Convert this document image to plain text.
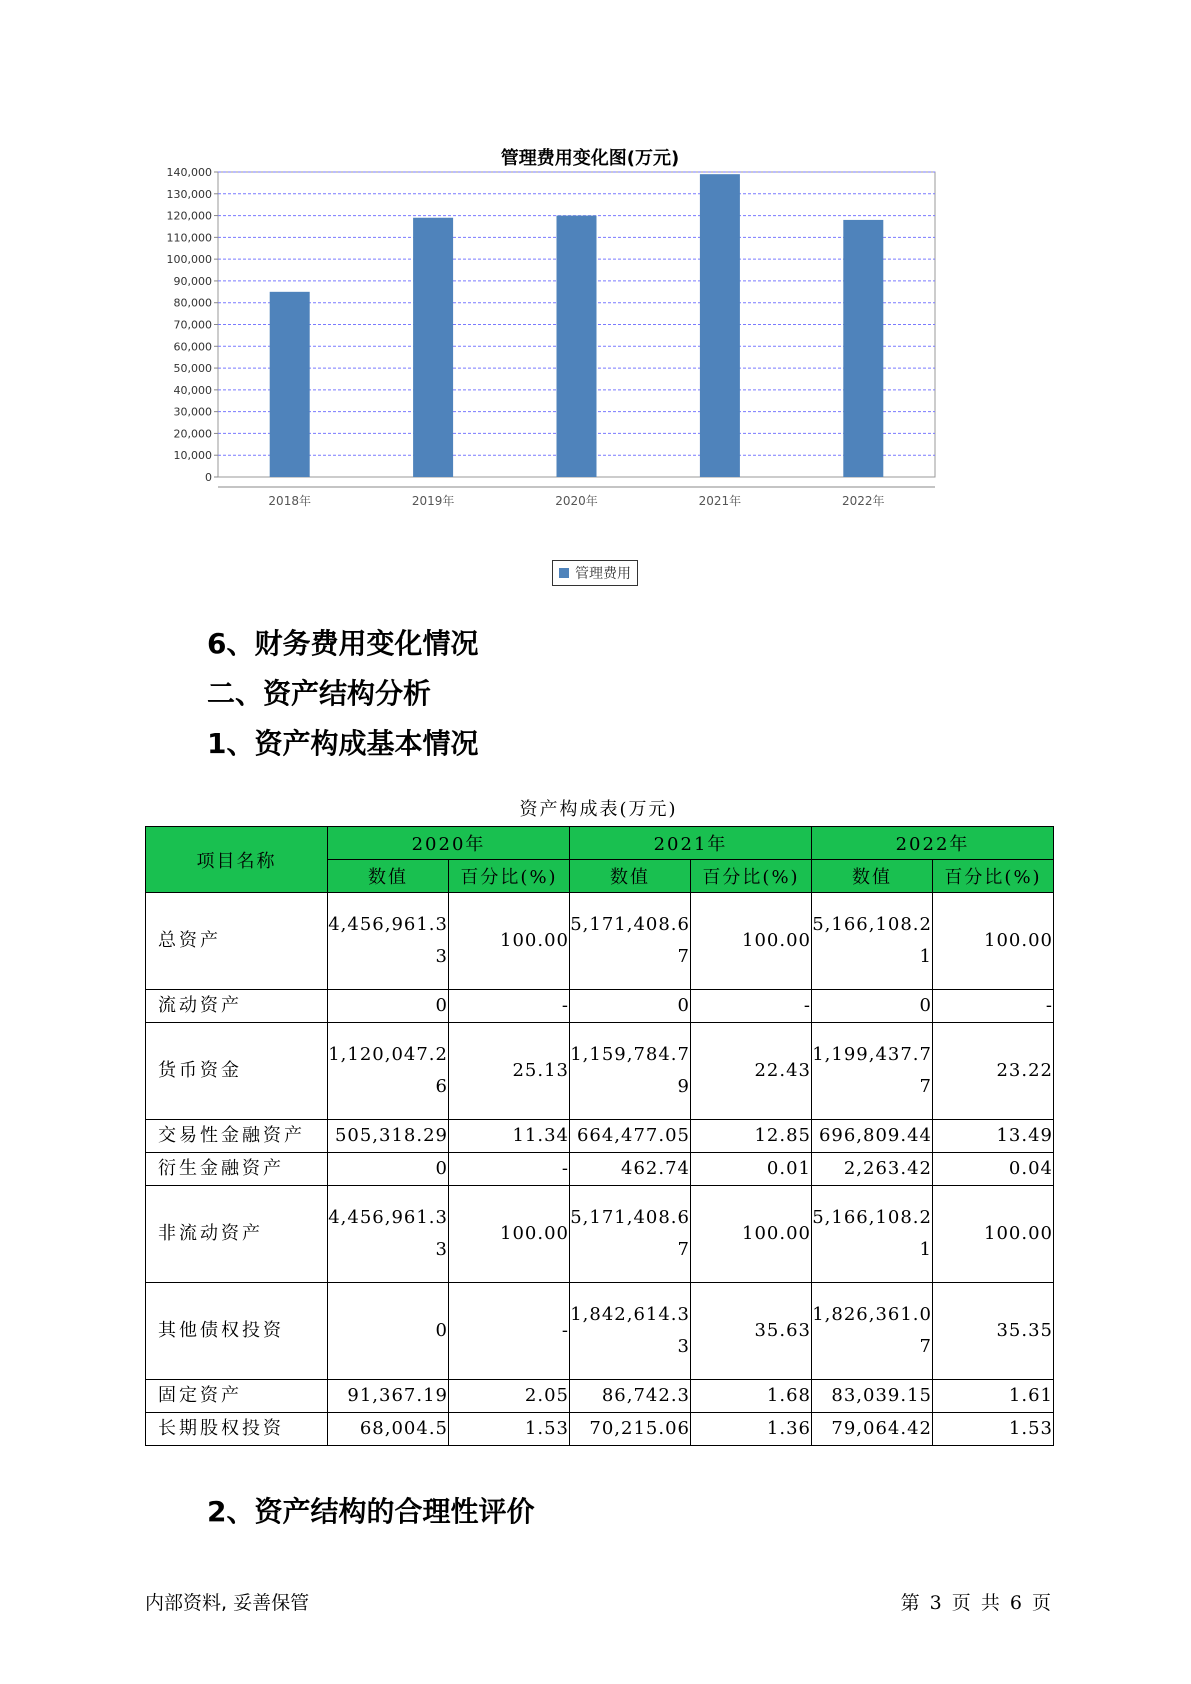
管理费用变化图(万元)
0
10,000
20,000
30,000
40,000
50,000
60,000
70,000
80,000
90,000
100,000
110,000
120,000
130,000
140,000
2018年	2019年	2020年	2021年	2022年
管理费用
6、财务费用变化情况
二、资产结构分析
1、资产构成基本情况
资产构成表(万元)
项目名称	2020年		2021年		2022年	
	数值	百分比(%)	数值	百分比(%)	数值	百分比(%)
总资产	4,456,961.33	100.00	5,171,408.67	100.00	5,166,108.21	100.00
流动资产	0	-	0	-	0	-
货币资金	1,120,047.26	25.13	1,159,784.79	22.43	1,199,437.77	23.22
交易性金融资产	505,318.29	11.34	664,477.05	12.85	696,809.44	13.49
衍生金融资产	0	-	462.74	0.01	2,263.42	0.04
非流动资产	4,456,961.33	100.00	5,171,408.67	100.00	5,166,108.21	100.00
其他债权投资	0	-	1,842,614.33	35.63	1,826,361.07	35.35
固定资产	91,367.19	2.05	86,742.3	1.68	83,039.15	1.61
长期股权投资	68,004.5	1.53	70,215.06	1.36	79,064.42	1.53
2、资产结构的合理性评价
内部资料, 妥善保管	第 3 页 共 6 页
